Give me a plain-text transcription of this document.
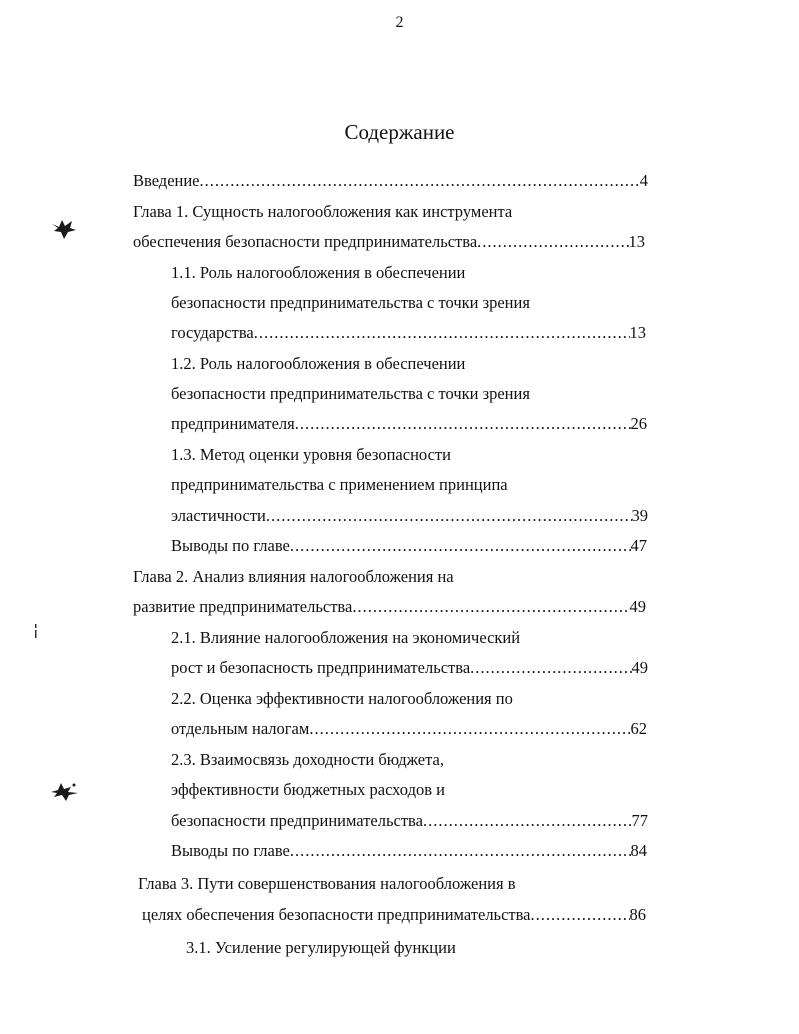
2
Содержание
Введение .....	4
Глава 1. Сущность налогообложения как инструмента
обеспечения безопасности предпринимательства .....	13
1.1. Роль налогообложения в обеспечении
безопасности предпринимательства с точки зрения
государства .....	13
1.2. Роль налогообложения в обеспечении
безопасности предпринимательства с точки зрения
предпринимателя .....	26
1.3. Метод оценки уровня безопасности
предпринимательства с применением принципа
эластичности .....	39
Выводы по главе .....	47
Глава 2. Анализ влияния налогообложения на
развитие предпринимательства .....	49
2.1. Влияние налогообложения на экономический
рост и безопасность предпринимательства .....	49
2.2. Оценка эффективности налогообложения по
отдельным налогам .....	62
2.3. Взаимосвязь доходности бюджета,
эффективности бюджетных расходов и
безопасности предпринимательства .....	77
Выводы по главе .....	84
Глава 3. Пути совершенствования налогообложения в
целях обеспечения безопасности предпринимательства .....	86
3.1. Усиление регулирующей функции
